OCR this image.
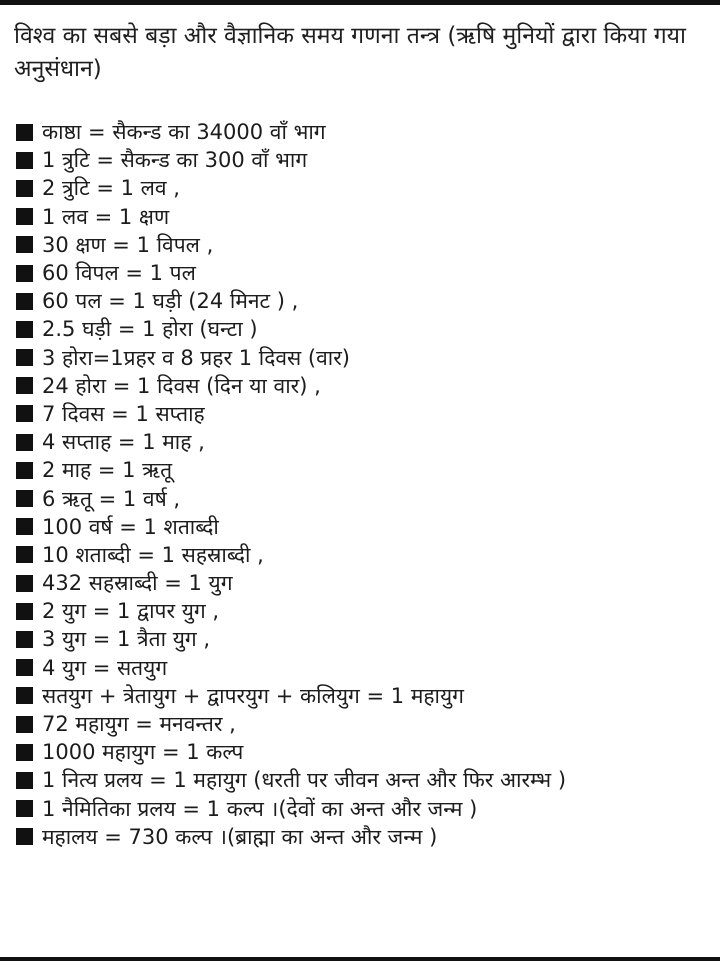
विश्व का सबसे बड़ा और वैज्ञानिक समय गणना तन्त्र (ऋषि मुनियों द्वारा किया गया अनुसंधान)
काष्ठा = सैकन्ड का 34000 वाँ भाग
1 त्रुटि = सैकन्ड का 300 वाँ भाग
2 त्रुटि = 1 लव ,
1 लव = 1 क्षण
30 क्षण = 1 विपल ,
60 विपल = 1 पल
60 पल = 1 घड़ी (24 मिनट ) ,
2.5 घड़ी = 1 होरा (घन्टा )
3 होरा=1प्रहर व 8 प्रहर 1 दिवस (वार)
24 होरा = 1 दिवस (दिन या वार) ,
7 दिवस = 1 सप्ताह
4 सप्ताह = 1 माह ,
2 माह = 1 ऋतू
6 ऋतू = 1 वर्ष ,
100 वर्ष = 1 शताब्दी
10 शताब्दी = 1 सहस्राब्दी ,
432 सहस्राब्दी = 1 युग
2 युग = 1 द्वापर युग ,
3 युग = 1 त्रैता युग ,
4 युग = सतयुग
सतयुग + त्रेतायुग + द्वापरयुग + कलियुग = 1 महायुग
72 महायुग = मनवन्तर ,
1000 महायुग = 1 कल्प
1 नित्य प्रलय = 1 महायुग (धरती पर जीवन अन्त और फिर आरम्भ )
1 नैमितिका प्रलय = 1 कल्प ।(देवों का अन्त और जन्म )
महालय = 730 कल्प ।(ब्राह्मा का अन्त और जन्म )
